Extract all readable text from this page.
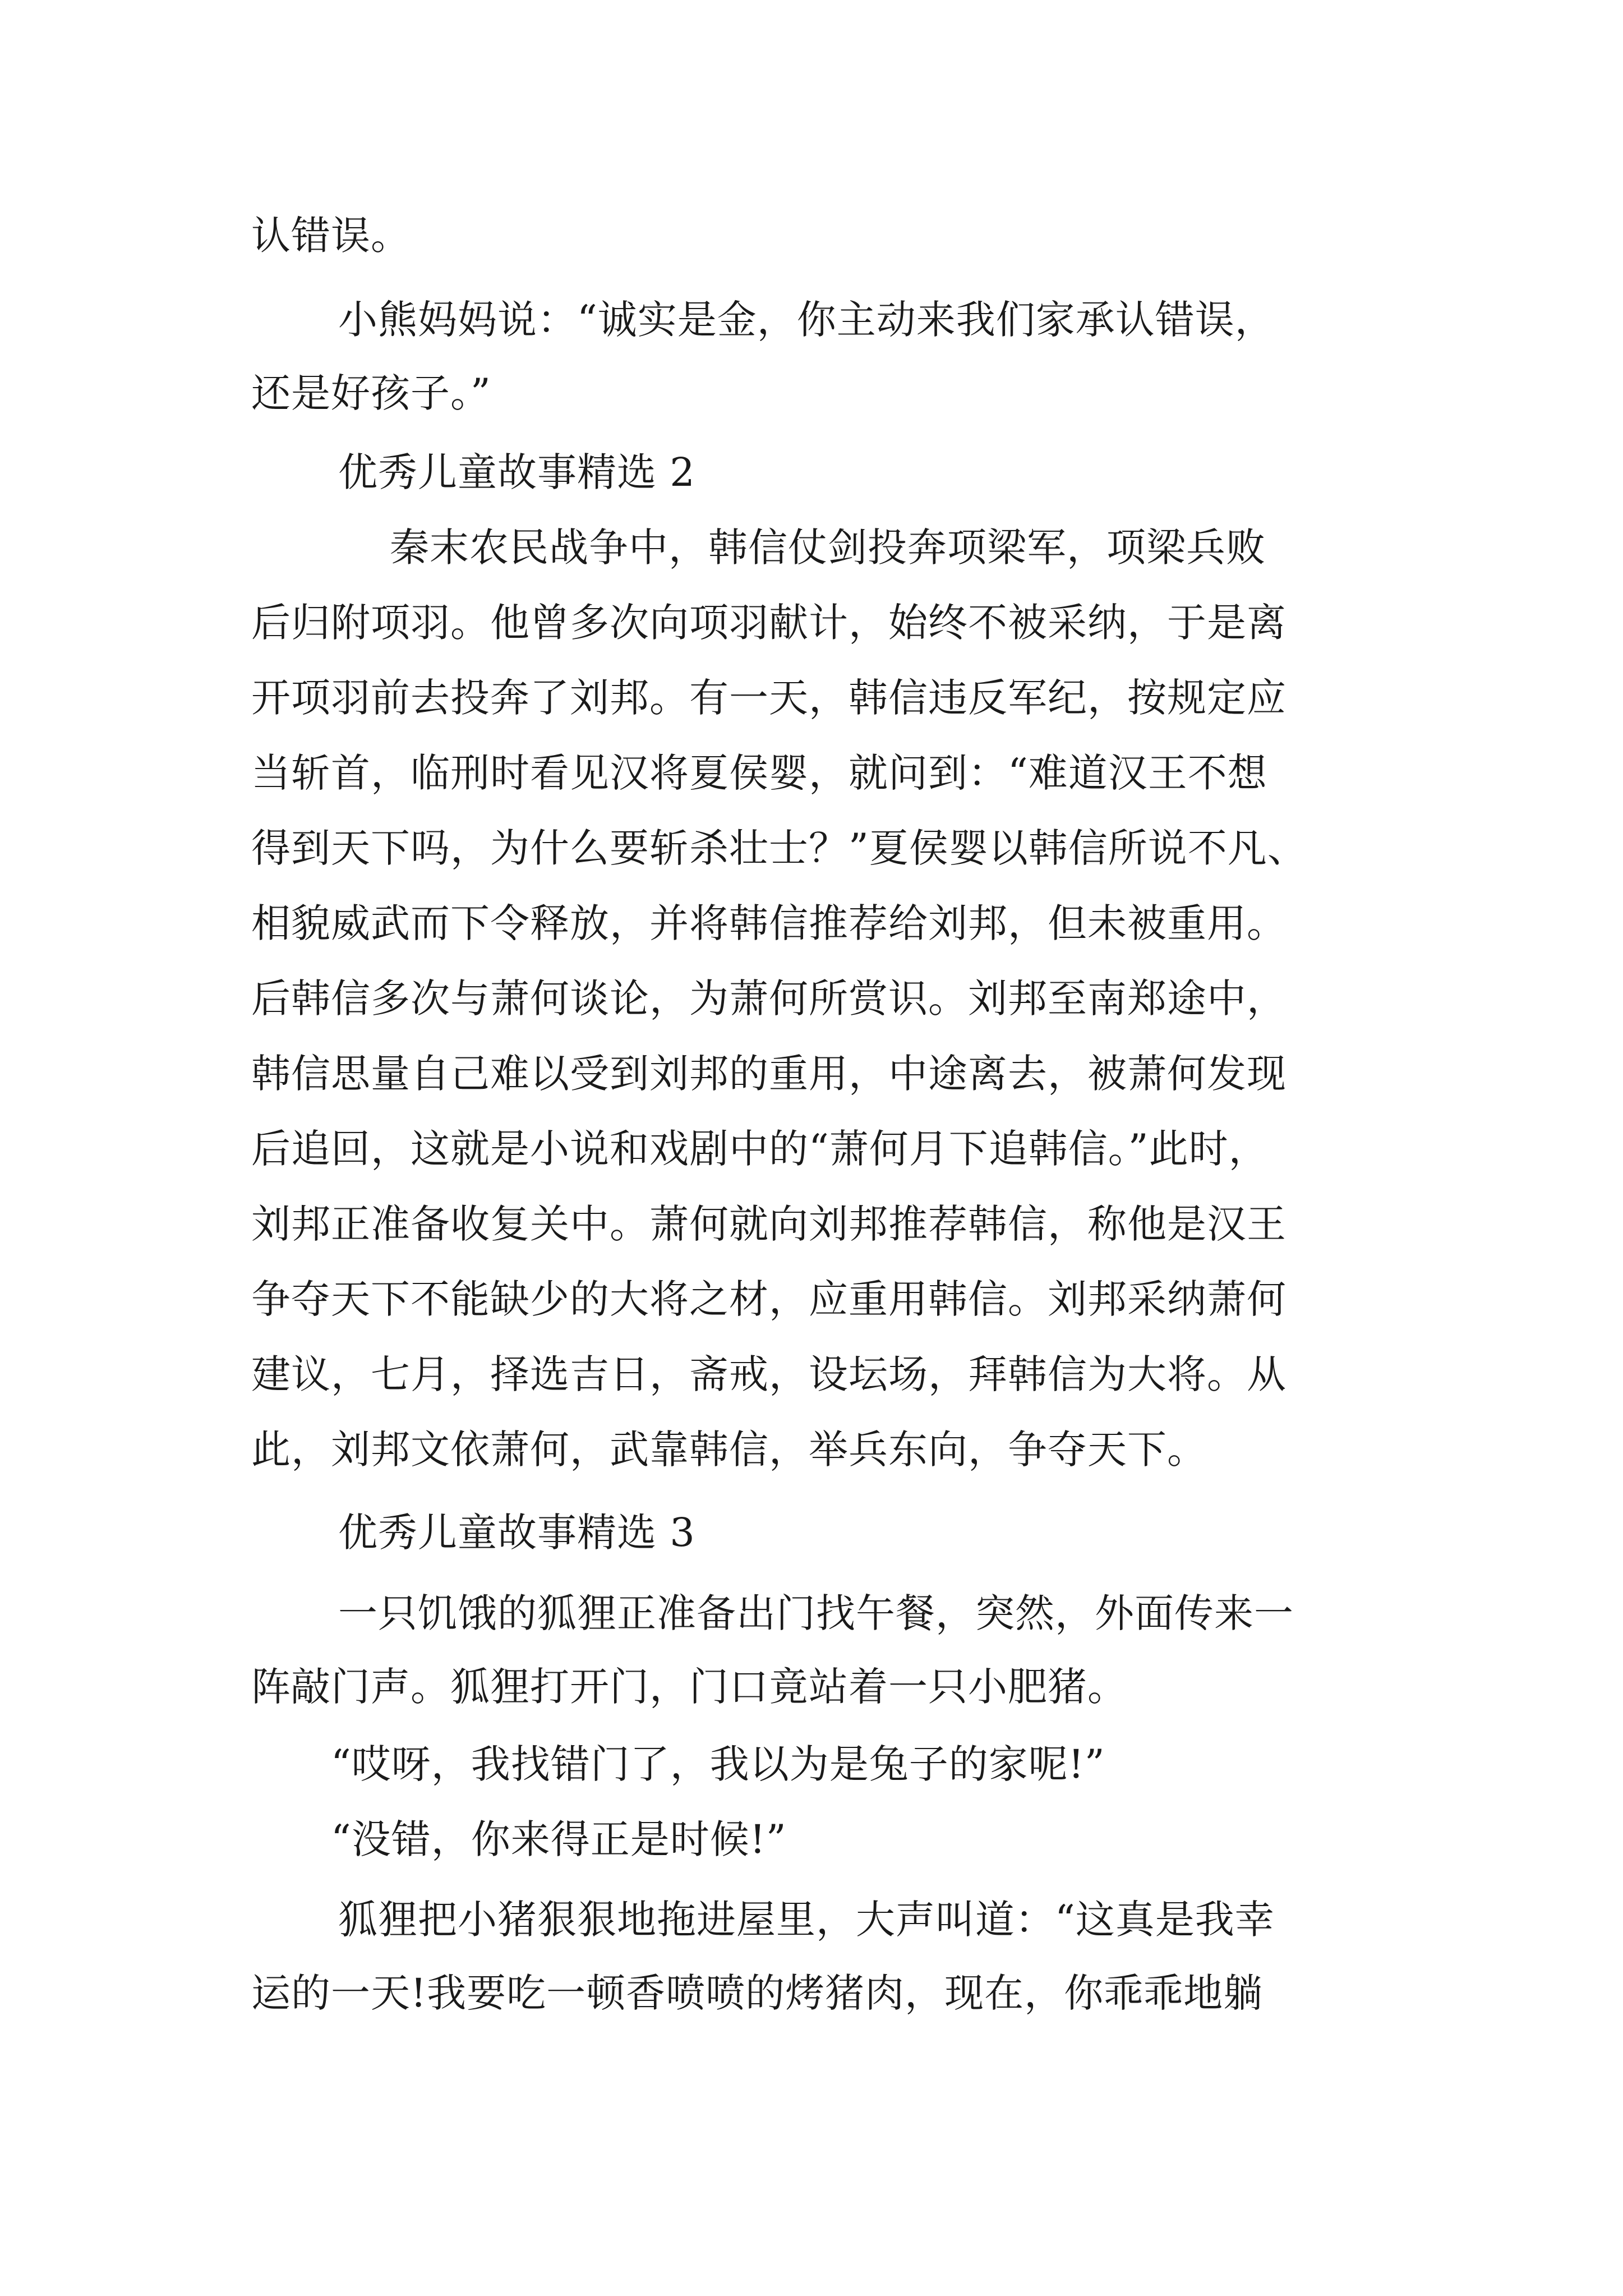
认错误。
小熊妈妈说：“诚实是金，你主动来我们家承认错误，
还是好孩子。”
优秀儿童故事精选 2
秦末农民战争中，韩信仗剑投奔项梁军，项梁兵败
后归附项羽。他曾多次向项羽献计，始终不被采纳，于是离
开项羽前去投奔了刘邦。有一天，韩信违反军纪，按规定应
当斩首，临刑时看见汉将夏侯婴，就问到：“难道汉王不想
得到天下吗，为什么要斩杀壮士？”夏侯婴以韩信所说不凡、
相貌威武而下令释放，并将韩信推荐给刘邦，但未被重用。
后韩信多次与萧何谈论，为萧何所赏识。刘邦至南郑途中，
韩信思量自己难以受到刘邦的重用，中途离去，被萧何发现
后追回，这就是小说和戏剧中的“萧何月下追韩信。”此时，
刘邦正准备收复关中。萧何就向刘邦推荐韩信，称他是汉王
争夺天下不能缺少的大将之材，应重用韩信。刘邦采纳萧何
建议，七月，择选吉日，斋戒，设坛场，拜韩信为大将。从
此，刘邦文依萧何，武靠韩信，举兵东向，争夺天下。
优秀儿童故事精选 3
一只饥饿的狐狸正准备出门找午餐，突然，外面传来一
阵敲门声。狐狸打开门，门口竟站着一只小肥猪。
“哎呀，我找错门了，我以为是兔子的家呢!”
“没错，你来得正是时候!”
狐狸把小猪狠狠地拖进屋里，大声叫道：“这真是我幸
运的一天!我要吃一顿香喷喷的烤猪肉，现在，你乖乖地躺
